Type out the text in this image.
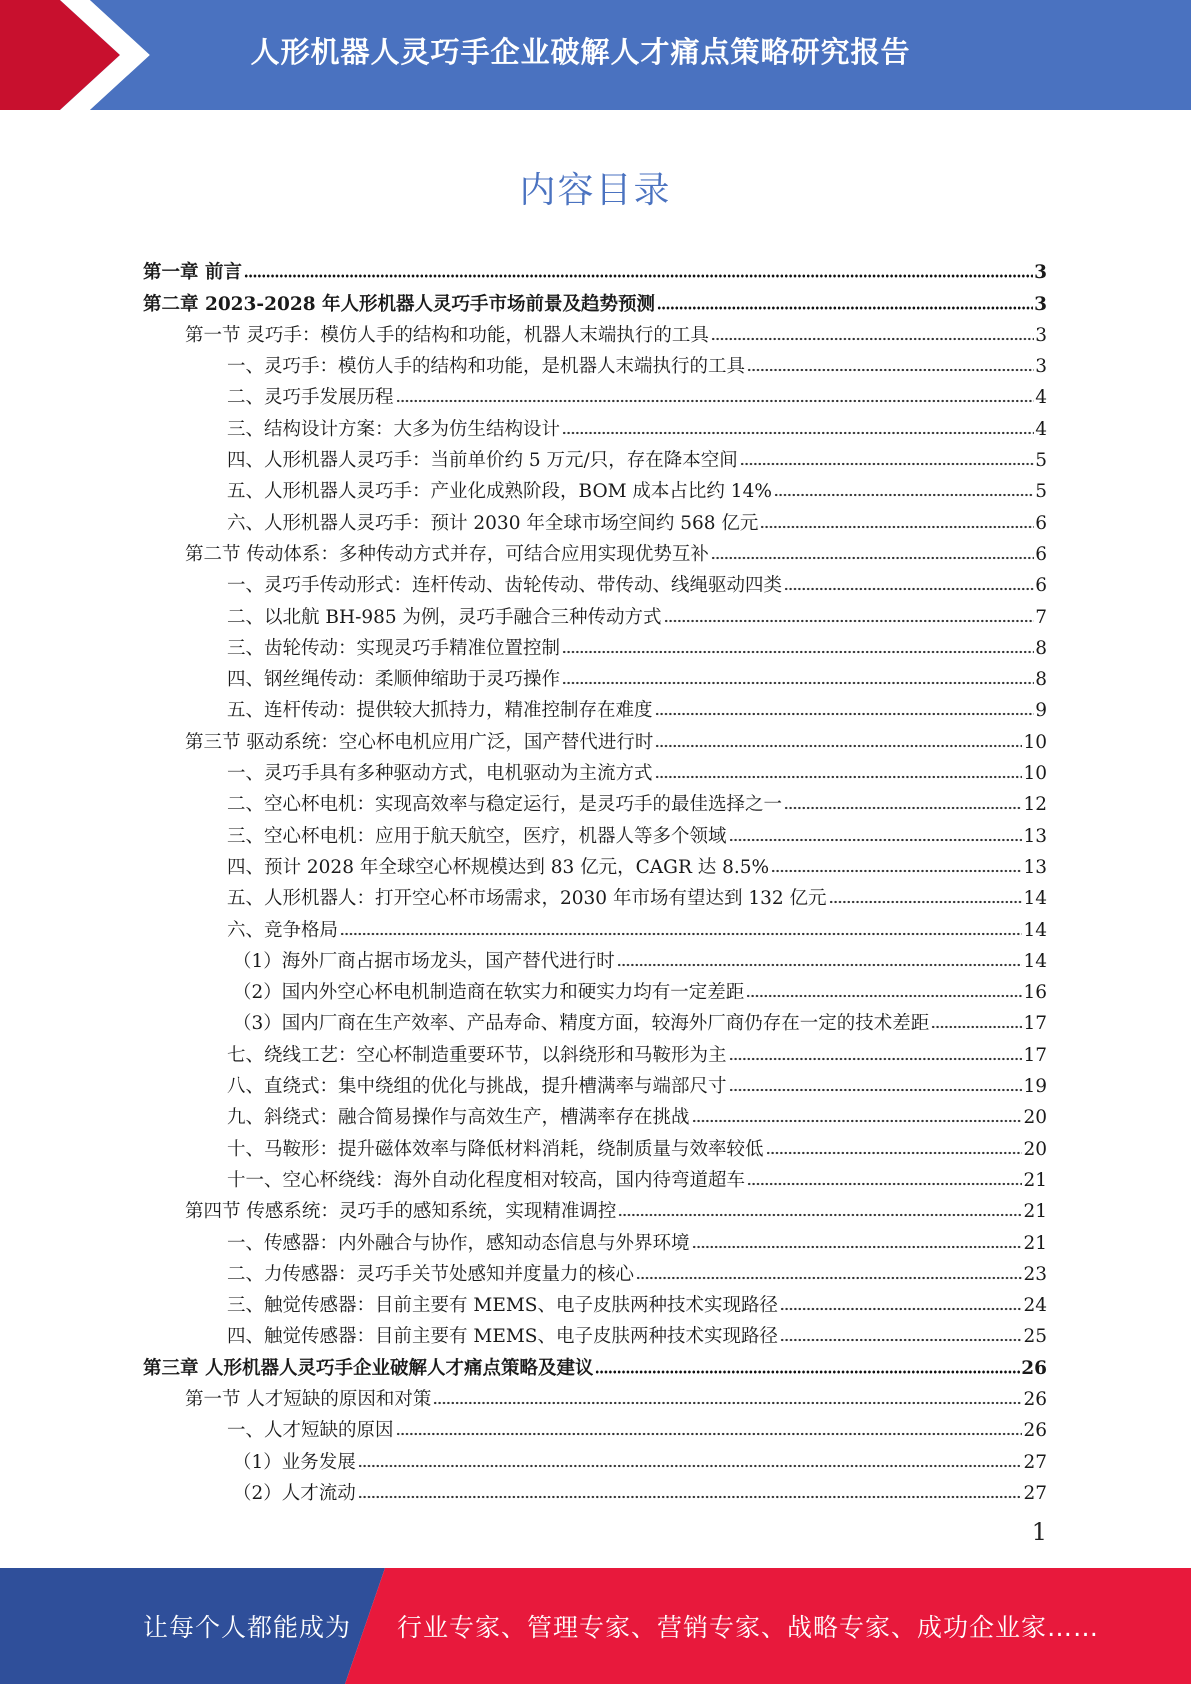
人形机器人灵巧手企业破解人才痛点策略研究报告
内容目录
第一章 前言	3
第二章 2023-2028 年人形机器人灵巧手市场前景及趋势预测	3
第一节 灵巧手：模仿人手的结构和功能，机器人末端执行的工具	3
一、灵巧手：模仿人手的结构和功能，是机器人末端执行的工具	3
二、灵巧手发展历程	4
三、结构设计方案：大多为仿生结构设计	4
四、人形机器人灵巧手：当前单价约 5 万元/只，存在降本空间	5
五、人形机器人灵巧手：产业化成熟阶段，BOM 成本占比约 14%	5
六、人形机器人灵巧手：预计 2030 年全球市场空间约 568 亿元	6
第二节 传动体系：多种传动方式并存，可结合应用实现优势互补	6
一、灵巧手传动形式：连杆传动、齿轮传动、带传动、线绳驱动四类	6
二、以北航 BH-985 为例，灵巧手融合三种传动方式	7
三、齿轮传动：实现灵巧手精准位置控制	8
四、钢丝绳传动：柔顺伸缩助于灵巧操作	8
五、连杆传动：提供较大抓持力，精准控制存在难度	9
第三节 驱动系统：空心杯电机应用广泛，国产替代进行时	10
一、灵巧手具有多种驱动方式，电机驱动为主流方式	10
二、空心杯电机：实现高效率与稳定运行，是灵巧手的最佳选择之一	12
三、空心杯电机：应用于航天航空，医疗，机器人等多个领域	13
四、预计 2028 年全球空心杯规模达到 83 亿元，CAGR 达 8.5%	13
五、人形机器人：打开空心杯市场需求，2030 年市场有望达到 132 亿元	14
六、竞争格局	14
（1）海外厂商占据市场龙头，国产替代进行时	14
（2）国内外空心杯电机制造商在软实力和硬实力均有一定差距	16
（3）国内厂商在生产效率、产品寿命、精度方面，较海外厂商仍存在一定的技术差距	17
七、绕线工艺：空心杯制造重要环节，以斜绕形和马鞍形为主	17
八、直绕式：集中绕组的优化与挑战，提升槽满率与端部尺寸	19
九、斜绕式：融合简易操作与高效生产，槽满率存在挑战	20
十、马鞍形：提升磁体效率与降低材料消耗，绕制质量与效率较低	20
十一、空心杯绕线：海外自动化程度相对较高，国内待弯道超车	21
第四节 传感系统：灵巧手的感知系统，实现精准调控	21
一、传感器：内外融合与协作，感知动态信息与外界环境	21
二、力传感器：灵巧手关节处感知并度量力的核心	23
三、触觉传感器：目前主要有 MEMS、电子皮肤两种技术实现路径	24
四、触觉传感器：目前主要有 MEMS、电子皮肤两种技术实现路径	25
第三章 人形机器人灵巧手企业破解人才痛点策略及建议	26
第一节 人才短缺的原因和对策	26
一、人才短缺的原因	26
（1）业务发展	27
（2）人才流动	27
1
让每个人都能成为 行业专家、管理专家、营销专家、战略专家、成功企业家……
